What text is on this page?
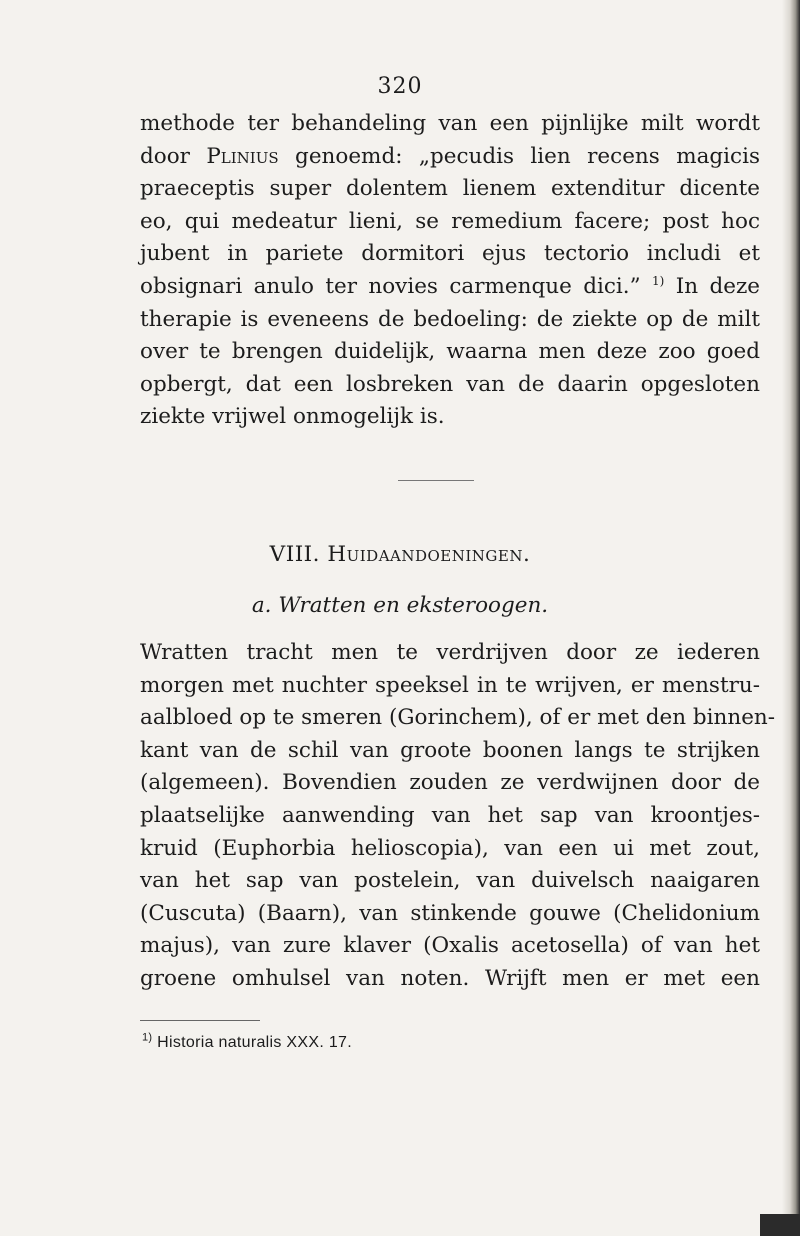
320
methode ter behandeling van een pijnlijke milt wordt
door Plinius genoemd: „pecudis lien recens magicis
praeceptis super dolentem lienem extenditur dicente
eo, qui medeatur lieni, se remedium facere; post hoc
jubent in pariete dormitori ejus tectorio includi et
obsignari anulo ter novies carmenque dici.” $^{1)}$ In deze
therapie is eveneens de bedoeling: de ziekte op de milt
over te brengen duidelijk, waarna men deze zoo goed
opbergt, dat een losbreken van de daarin opgesloten
ziekte vrijwel onmogelijk is.
VIII. Huidaandoeningen.
a. Wratten en eksteroogen.
Wratten tracht men te verdrijven door ze iederen
morgen met nuchter speeksel in te wrijven, er menstru-
aalbloed op te smeren (Gorinchem), of er met den binnen-
kant van de schil van groote boonen langs te strijken
(algemeen). Bovendien zouden ze verdwijnen door de
plaatselijke aanwending van het sap van kroontjes-
kruid (Euphorbia helioscopia), van een ui met zout,
van het sap van postelein, van duivelsch naaigaren
(Cuscuta) (Baarn), van stinkende gouwe (Chelidonium
majus), van zure klaver (Oxalis acetosella) of van het
groene omhulsel van noten. Wrijft men er met een
$^{1)}$ Historia naturalis XXX. 17.
